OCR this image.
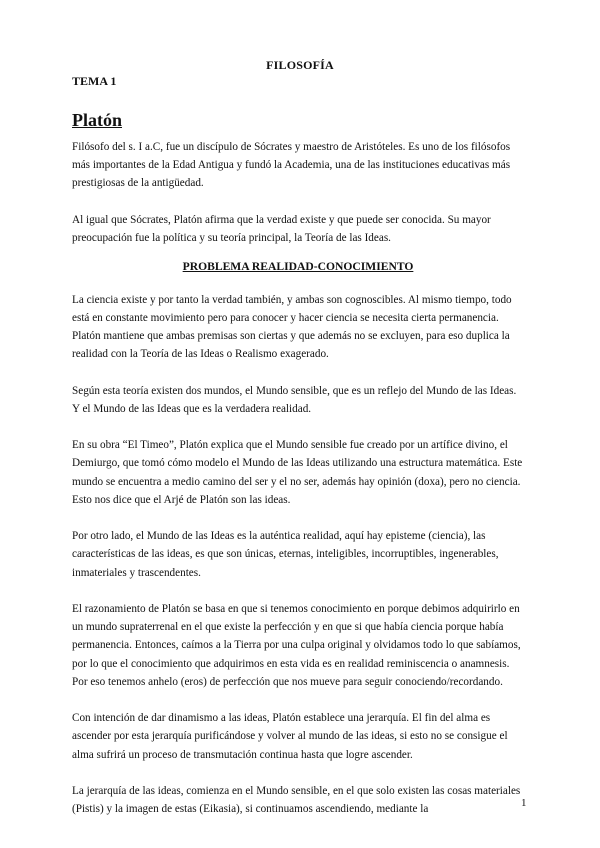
FILOSOFÍA
TEMA 1
Platón

Filósofo del s. I a.C, fue un discípulo de Sócrates y maestro de Aristóteles. Es uno de los filósofos más importantes de la Edad Antigua y fundó la Academia, una de las instituciones educativas más prestigiosas de la antigüedad.

Al igual que Sócrates, Platón afirma que la verdad existe y que puede ser conocida. Su mayor preocupación fue la política y su teoría principal, la Teoría de las Ideas.

PROBLEMA REALIDAD-CONOCIMIENTO

La ciencia existe y por tanto la verdad también, y ambas son cognoscibles. Al mismo tiempo, todo está en constante movimiento pero para conocer y hacer ciencia se necesita cierta permanencia. Platón mantiene que ambas premisas son ciertas y que además no se excluyen, para eso duplica la realidad con la Teoría de las Ideas o Realismo exagerado.

Según esta teoría existen dos mundos, el Mundo sensible, que es un reflejo del Mundo de las Ideas. Y el Mundo de las Ideas que es la verdadera realidad.

En su obra “El Timeo”, Platón explica que el Mundo sensible fue creado por un artífice divino, el Demiurgo, que tomó cómo modelo el Mundo de las Ideas utilizando una estructura matemática. Este mundo se encuentra a medio camino del ser y el no ser, además hay opinión (doxa), pero no ciencia. Esto nos dice que el Arjé de Platón son las ideas.

Por otro lado, el Mundo de las Ideas es la auténtica realidad, aquí hay episteme (ciencia), las características de las ideas, es que son únicas, eternas, inteligibles, incorruptibles, ingenerables, inmateriales y trascendentes.

El razonamiento de Platón se basa en que si tenemos conocimiento en porque debimos adquirirlo en un mundo supraterrenal en el que existe la perfección y en que si que había ciencia porque había permanencia. Entonces, caímos a la Tierra por una culpa original y olvidamos todo lo que sabíamos, por lo que el conocimiento que adquirimos en esta vida es en realidad reminiscencia o anamnesis. Por eso tenemos anhelo (eros) de perfección que nos mueve para seguir conociendo/recordando.

Con intención de dar dinamismo a las ideas, Platón establece una jerarquía. El fin del alma es ascender por esta jerarquía purificándose y volver al mundo de las ideas, si esto no se consigue el alma sufrirá un proceso de transmutación continua hasta que logre ascender.

La jerarquía de las ideas, comienza en el Mundo sensible, en el que solo existen las cosas materiales (Pistis) y la imagen de estas (Eikasia), si continuamos ascendiendo, mediante la

1
